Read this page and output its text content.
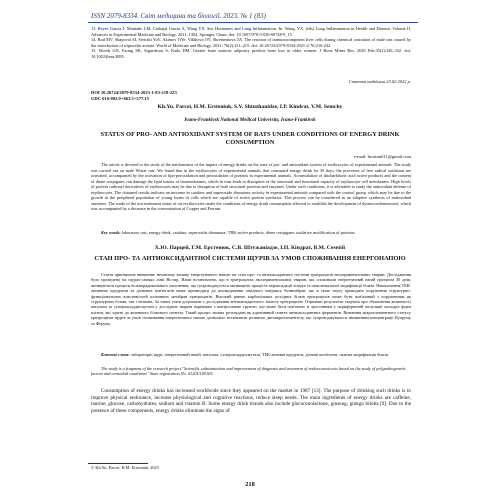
ISSN 2079-8334. Світ медицини та біології. 2023. № 1 (83)

13. Reyes García J, Montaño LM, Carbajal García A, Wang YX. Sex Hormones and Lung Inflammation. In: Wang, YX. (eds) Lung Inflammation in Health and Disease, Volume II. Advances in Experimental Medicine and Biology. 2021; 1304. Springer, Cham. doi: 10.1007/978-3-030-68748-9_15.

14. Rud MV, Shapoval SI, Sivirski YuV, Akimov OYe, Vilkhova OV, Skrementova TA. The reaction of immunocompetent liver cells during chemical castration of male rats caused by the introduction of triptorelin acetate. World of Medicine and Biology. 2021; 76(2):211–215. doi: 10.26724/2079-8334-2021-2-76-216-242.

15. Woods GN, Ewing SK, Sigurdsson S, Kado DM. Greater bone marrow adiposity predicts bone loss in older women. J Bone Miner Res. 2020 Feb;35(2):326–332. doi: 10.1002/jbmr.3895.

Стаття надійшла 23.02.2022 р.
DOI 10.26724/2079-8334-2023-1-83-218-223
UDC 616-092.9+663.5+577.15
Kh.Yu. Parcei, H.M. Ersteniuk, S.V. Shtuzhanidze, I.P. Kindrat, V.M. Semchy
Ivano-Frankivsk National Medical University, Ivano-Frankivsk
STATUS OF PRO- AND ANTIOXIDANT SYSTEM OF RATS UNDER CONDITIONS OF ENERGY DRINK CONSUMPTION
e-mail: hrostun611@gmail.com
The article is devoted to the study of the mechanisms of the impact of energy drinks on the state of pro- and antioxidant system of erythrocytes of experimental animals. The study was carried out on male Wistar rats. We found that in the erythrocytes of experimental animals that consumed energy drink for 30 days, the processes of free radical oxidation are activated, accompanied by the activation of lipo-peroxidation and peroxidation of proteins in experimental animals. Accumulation of thiobarbituric acid active products and the content of diene conjugates can damage the lipid matrix of biomembranes, which in turn leads to disruption of the structural and functional capacity of erythrocyte cell membranes. High levels of protein carbonyl derivatives of erythrocytes may be due to disruption of both structural proteins and enzymes. Under such conditions, it is advisable to study the antioxidant defense of erythrocytes. The obtained results indicate an increase in catalase and superoxide dismutase activity in experimental animals compared with the control group, which may be due to the growth in the peripheral population of young forms of cells which are capable of active protein synthesis. This process can be considered as an adaptive synthesis of antioxidant enzymes. The study of the microelement status of rat erythrocytes under the conditions of energy drink consumption allowed to establish the development of dysmicroelementosis, which was accompanied by a decrease in the concentration of Copper and Ferrum.
Key words: laboratory rats, energy drink, catalase, superoxide dismutase, TBK-active products, diene conjugates oxidative modification of proteins.
Х.Ю. Парцей, Г.М. Ерстенюк, С.В. Штужаніадзе, І.П. Кіндрат, В.М. Семчій
СТАН ПРО- ТА АНТИОКСИДАНТНОЇ СИСТЕМИ ЩУРІВ ЗА УМОВ СПОЖИВАННЯ ЕНЕРГОНАПОЮ
Стаття присвячена вивченню механізму впливу енергетичного напою на стан про- та антиоксидантної системи еритроцитів експериментальних тварин. Дослідження було проведено на щурах-самцях лінії Вістар. Нами встановлено, що в еритроцитах експериментальних тварин, які споживали енергетичний напій протягом 30 днів, активуються процеси вільнорадикального окиснення, що супроводжується активацією процесів пероксидації ліпідів та окислювальної модифікації білків. Накопичення ТБК-активних продуктів та дієнових кон'югатів може призводити до пошкодження ліпідного матриксу біомембран, що в свою чергу приводить порушення структурно-функціональних властивостей клітинних мембран еритроцитів. Високий рівень карбонільних похідних білків еритроцитів може бути пов'язаний з порушенням як структурних білків, так і ензимів. За таких умов доцільним є дослідження антиоксидантного захисту еритроцитів. Отримані результати свідчать про збільшення активності каталази та супероксиддисмутази у дослідних тварин порівняно з контрольною групою, що може бути пов'язано зі зростанням у периферичній популяції молодих форм клітин, які здатні до активного білкового синтезу. Такий процес можна розглядати як адаптивний синтез антиоксидантних ферментів. Вивчення мікроелементного статусу еритроцитів щурів за умов споживання енергетичного напою дозволило встановити розвиток дисмікроелементозу, що супроводжувалося зниженням концентрації Купруму та Феруму.
Ключові слова: лабораторні щурі, енергетичний напій, каталаза, супероксиддисмутаза, ТБК-активні продукти, дієнові кон'югати, окисна модифікація білків.
The study is a fragment of the research project "Scientific substantiation and improvement of diagnosis and treatment of endoecotoxicosis based on the study of polypathogenetic factors and comorbid conditions" State registration No. 0120U105165.
Consumption of energy drinks has increased worldwide since they appeared on the market in 1987 [13]. The purpose of drinking such drinks is to improve physical endurance, increase physiological and cognitive reactions, reduce sleep needs. The main ingredients of energy drinks are caffeine, taurine, glucose, carbohydrates, sodium and vitamin B. Some energy drink brands also include glucuronolactone, ginseng, ginkgo biloba [9]. Due to the presence of these components, energy drinks eliminate the signs of
© Kh.Yu. Parcei, H.M. Ersteniuk, 2023
218
